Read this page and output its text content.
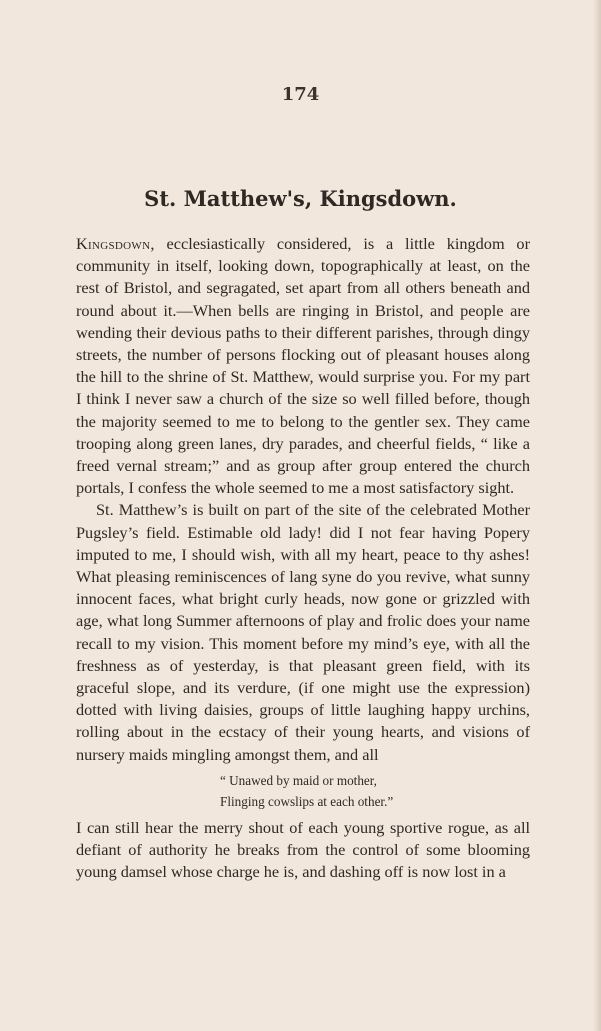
174
St. Matthew's, Kingsdown.

Kingsdown, ecclesiastically considered, is a little kingdom or community in itself, looking down, topographically at least, on the rest of Bristol, and segragated, set apart from all others beneath and round about it.—When bells are ringing in Bristol, and people are wending their devious paths to their different parishes, through dingy streets, the number of persons flocking out of pleasant houses along the hill to the shrine of St. Matthew, would surprise you. For my part I think I never saw a church of the size so well filled before, though the majority seemed to me to belong to the gentler sex. They came trooping along green lanes, dry parades, and cheerful fields, “ like a freed vernal stream;” and as group after group entered the church portals, I confess the whole seemed to me a most satisfactory sight.

St. Matthew’s is built on part of the site of the celebrated Mother Pugsley’s field. Estimable old lady! did I not fear having Popery imputed to me, I should wish, with all my heart, peace to thy ashes! What pleasing reminiscences of lang syne do you revive, what sunny innocent faces, what bright curly heads, now gone or grizzled with age, what long Summer afternoons of play and frolic does your name recall to my vision. This moment before my mind’s eye, with all the freshness as of yesterday, is that pleasant green field, with its graceful slope, and its verdure, (if one might use the expression) dotted with living daisies, groups of little laughing happy urchins, rolling about in the ecstacy of their young hearts, and visions of nursery maids mingling amongst them, and all

“ Unawed by maid or mother,
Flinging cowslips at each other.”

I can still hear the merry shout of each young sportive rogue, as all defiant of authority he breaks from the control of some blooming young damsel whose charge he is, and dashing off is now lost in a
